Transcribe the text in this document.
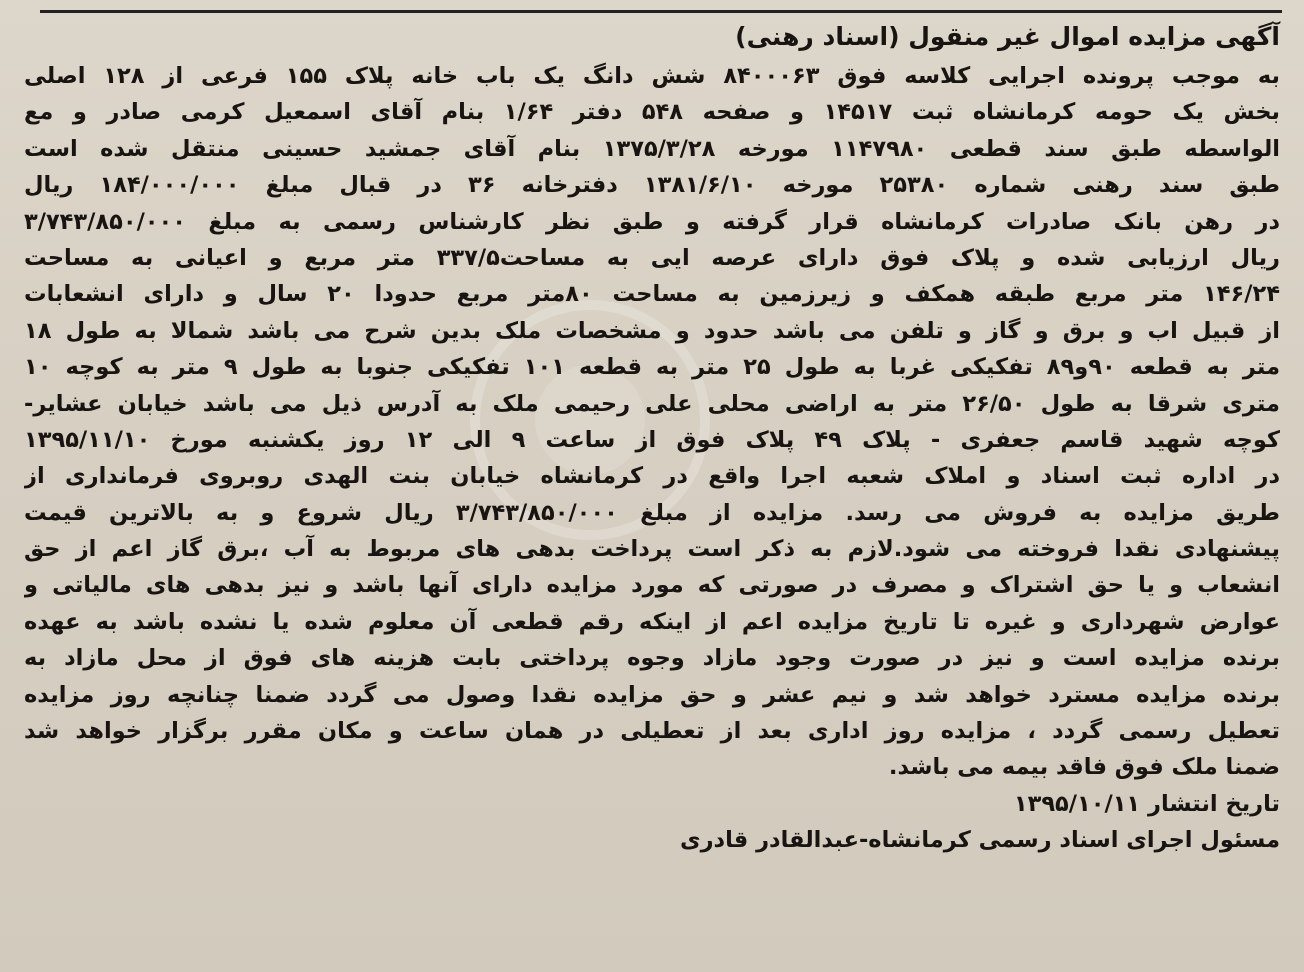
آگهی مزایده اموال غیر منقول (اسناد رهنی)
به موجب پرونده اجرایی کلاسه فوق ۸۴۰۰۰۶۳ شش دانگ یک باب خانه پلاک ۱۵۵ فرعی از ۱۲۸ اصلی
بخش یک حومه کرمانشاه ثبت ۱۴۵۱۷ و صفحه ۵۴۸ دفتر ۱/۶۴ بنام آقای اسمعیل کرمی صادر و مع
الواسطه طبق سند قطعی ۱۱۴۷۹۸۰ مورخه ۱۳۷۵/۳/۲۸ بنام آقای جمشید حسینی منتقل شده است
طبق سند رهنی شماره ۲۵۳۸۰ مورخه ۱۳۸۱/۶/۱۰ دفترخانه ۳۶ در قبال مبلغ ۱۸۴/۰۰۰/۰۰۰ ریال
در رهن بانک صادرات کرمانشاه قرار گرفته و طبق نظر کارشناس رسمی به مبلغ ۳/۷۴۳/۸۵۰/۰۰۰
ریال ارزیابی شده و پلاک فوق دارای عرصه ایی به مساحت۳۳۷/۵ متر مربع و اعیانی به مساحت
۱۴۶/۲۴ متر مربع طبقه همکف و زیرزمین به مساحت ۸۰متر مربع حدودا ۲۰ سال و دارای انشعابات
از قبیل اب و برق و گاز و تلفن می باشد حدود و مشخصات ملک بدین شرح می باشد شمالا به طول ۱۸
متر به قطعه ۹۰و۸۹ تفکیکی غربا به طول ۲۵ متر به قطعه ۱۰۱ تفکیکی جنوبا به طول ۹ متر به کوچه ۱۰
متری شرقا به طول ۲۶/۵۰ متر به اراضی محلی علی رحیمی ملک به آدرس ذیل می باشد خیابان عشایر-
کوچه شهید قاسم جعفری - پلاک ۴۹ پلاک فوق از ساعت ۹ الی ۱۲ روز یکشنبه مورخ ۱۳۹۵/۱۱/۱۰
در اداره ثبت اسناد و املاک شعبه اجرا واقع در کرمانشاه خیابان بنت الهدی روبروی فرمانداری از
طریق مزایده به فروش می رسد. مزایده از مبلغ ۳/۷۴۳/۸۵۰/۰۰۰ ریال شروع و به بالاترین قیمت
پیشنهادی نقدا فروخته می شود.لازم به ذکر است پرداخت بدهی های مربوط به آب ،برق گاز اعم از حق
انشعاب و یا حق اشتراک و مصرف در صورتی که مورد مزایده دارای آنها باشد و نیز بدهی های مالیاتی و
عوارض شهرداری و غیره تا تاریخ مزایده اعم از اینکه رقم قطعی آن معلوم شده یا نشده باشد به عهده
برنده مزایده است و نیز در صورت وجود مازاد وجوه پرداختی بابت هزینه های فوق از محل مازاد به
برنده مزایده مسترد خواهد شد و نیم عشر و حق مزایده نقدا وصول می گردد ضمنا چنانچه روز مزایده
تعطیل رسمی گردد ، مزایده روز اداری بعد از تعطیلی در همان ساعت و مکان مقرر برگزار خواهد شد
ضمنا ملک فوق فاقد بیمه می باشد.
تاریخ انتشار ۱۳۹۵/۱۰/۱۱
مسئول اجرای اسناد رسمی کرمانشاه-عبدالقادر قادری
